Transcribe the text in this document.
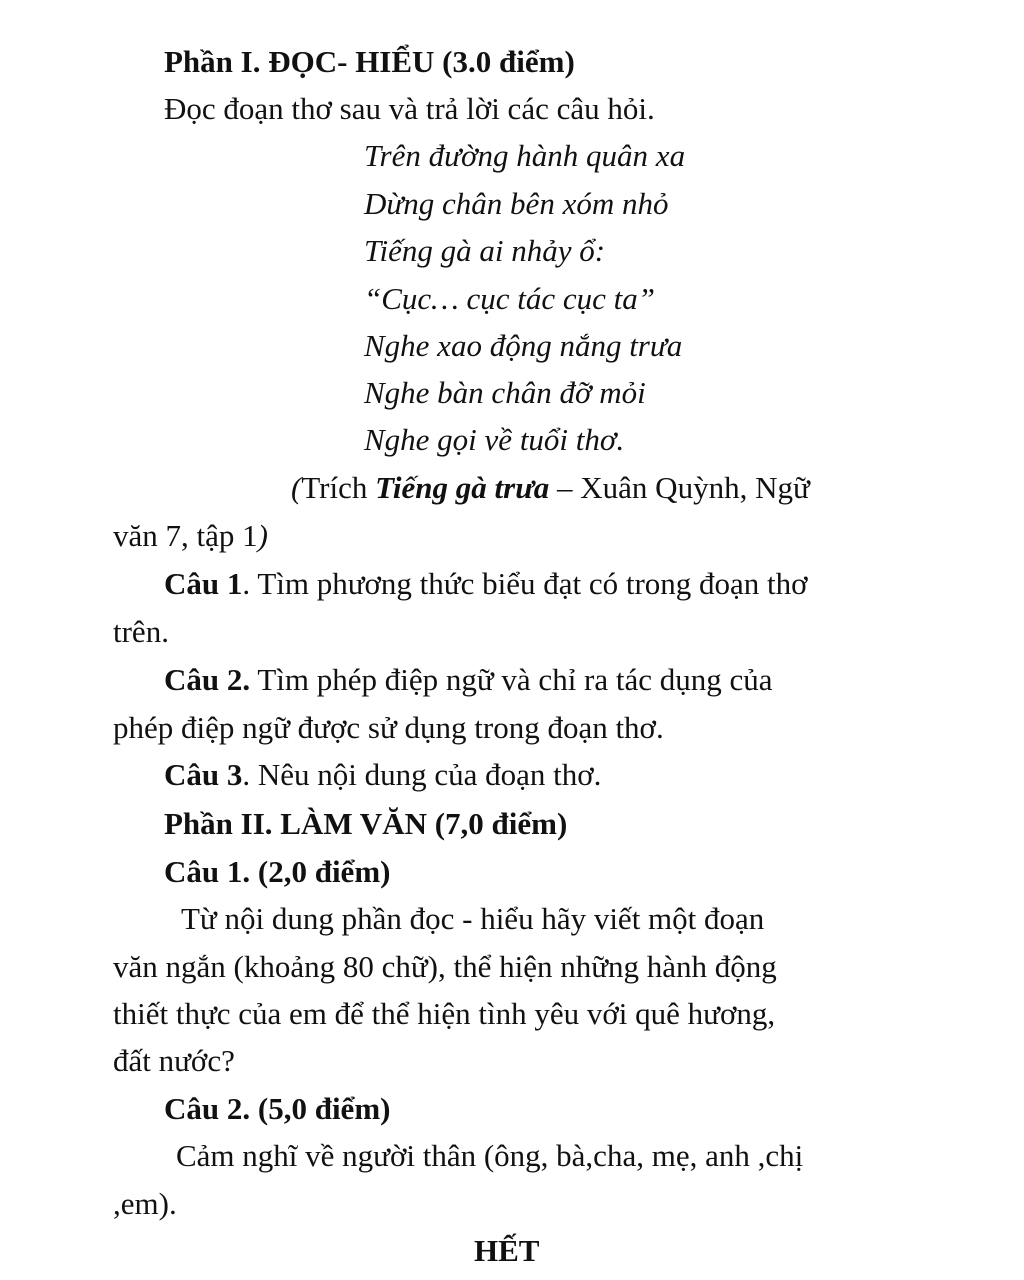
Phần I. ĐỌC- HIỂU (3.0 điểm)
Đọc đoạn thơ sau và trả lời các câu hỏi.
Trên đường hành quân xa
Dừng chân bên xóm nhỏ
Tiếng gà ai nhảy ổ:
“Cục… cục tác cục ta”
Nghe xao động nắng trưa
Nghe bàn chân đỡ mỏi
Nghe gọi về tuổi thơ.
(Trích Tiếng gà trưa – Xuân Quỳnh, Ngữ
văn 7, tập 1)
Câu 1. Tìm phương thức biểu đạt có trong đoạn thơ
trên.
Câu 2. Tìm phép điệp ngữ và chỉ ra tác dụng của
phép điệp ngữ được sử dụng trong đoạn thơ.
Câu 3. Nêu nội dung của đoạn thơ.
Phần II. LÀM VĂN (7,0 điểm)
Câu 1. (2,0 điểm)
Từ nội dung phần đọc - hiểu hãy viết một đoạn
văn ngắn (khoảng 80 chữ), thể hiện những hành động
thiết thực của em để thể hiện tình yêu với quê hương,
đất nước?
Câu 2. (5,0 điểm)
Cảm nghĩ về người thân (ông, bà,cha, mẹ, anh ,chị
,em).
HẾT
